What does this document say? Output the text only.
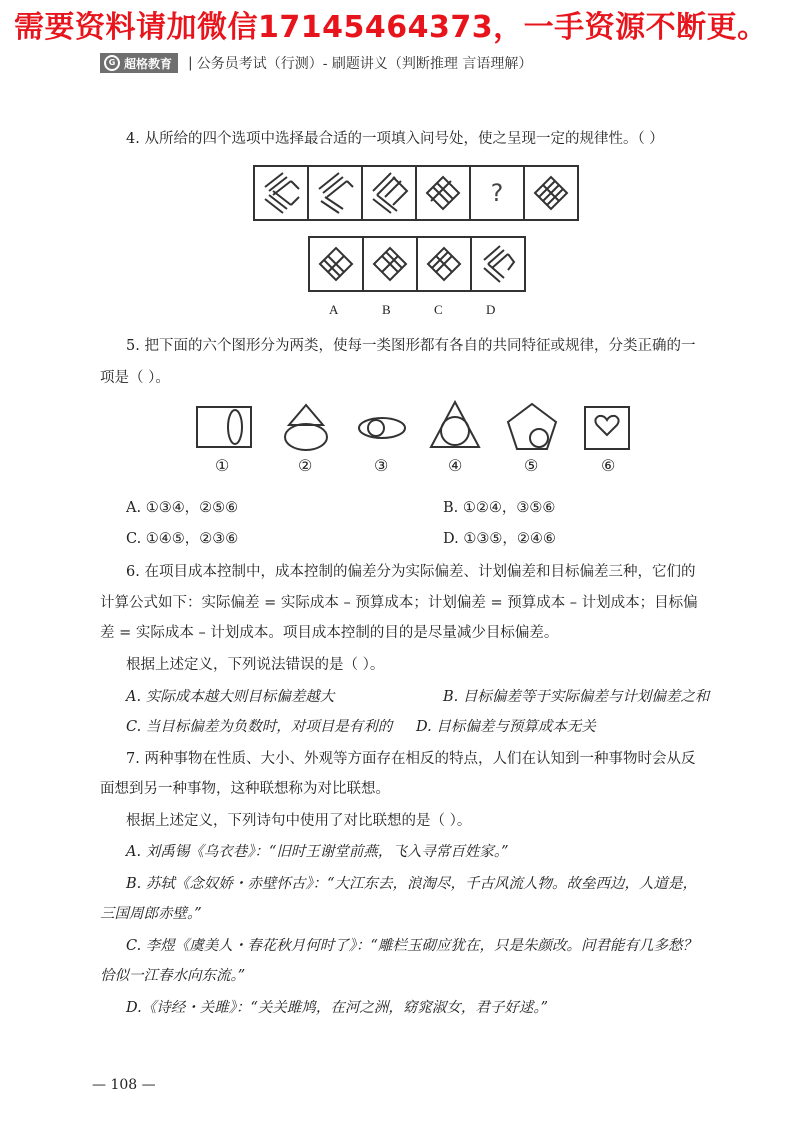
需要资料请加微信17145464373，一手资源不断更。
G 超格教育 | 公务员考试（行测）- 刷题讲义（判断推理 言语理解）
4. 从所给的四个选项中选择最合适的一项填入问号处，使之呈现一定的规律性。（ ）
?
A	B	C	D
5. 把下面的六个图形分为两类，使每一类图形都有各自的共同特征或规律，分类正确的一
项是（ ）。
①	②	③	④	⑤	⑥
A. ①③④，②⑤⑥	B. ①②④，③⑤⑥
C. ①④⑤，②③⑥	D. ①③⑤，②④⑥
6. 在项目成本控制中，成本控制的偏差分为实际偏差、计划偏差和目标偏差三种，它们的
计算公式如下：实际偏差 = 实际成本 – 预算成本；计划偏差 = 预算成本 – 计划成本；目标偏
差 = 实际成本 – 计划成本。项目成本控制的目的是尽量减少目标偏差。
根据上述定义，下列说法错误的是（ ）。
A. 实际成本越大则目标偏差越大	B. 目标偏差等于实际偏差与计划偏差之和
C. 当目标偏差为负数时，对项目是有利的 D. 目标偏差与预算成本无关
7. 两种事物在性质、大小、外观等方面存在相反的特点，人们在认知到一种事物时会从反
面想到另一种事物，这种联想称为对比联想。
根据上述定义，下列诗句中使用了对比联想的是（ ）。
A. 刘禹锡《乌衣巷》：“旧时王谢堂前燕，飞入寻常百姓家。”
B. 苏轼《念奴娇・赤壁怀古》：“大江东去，浪淘尽，千古风流人物。故垒西边，人道是，
三国周郎赤壁。”
C. 李煜《虞美人・春花秋月何时了》：“雕栏玉砌应犹在，只是朱颜改。问君能有几多愁？
恰似一江春水向东流。”
D.《诗经・关雎》：“关关雎鸠，在河之洲，窈窕淑女，君子好逑。”
— 108 —
